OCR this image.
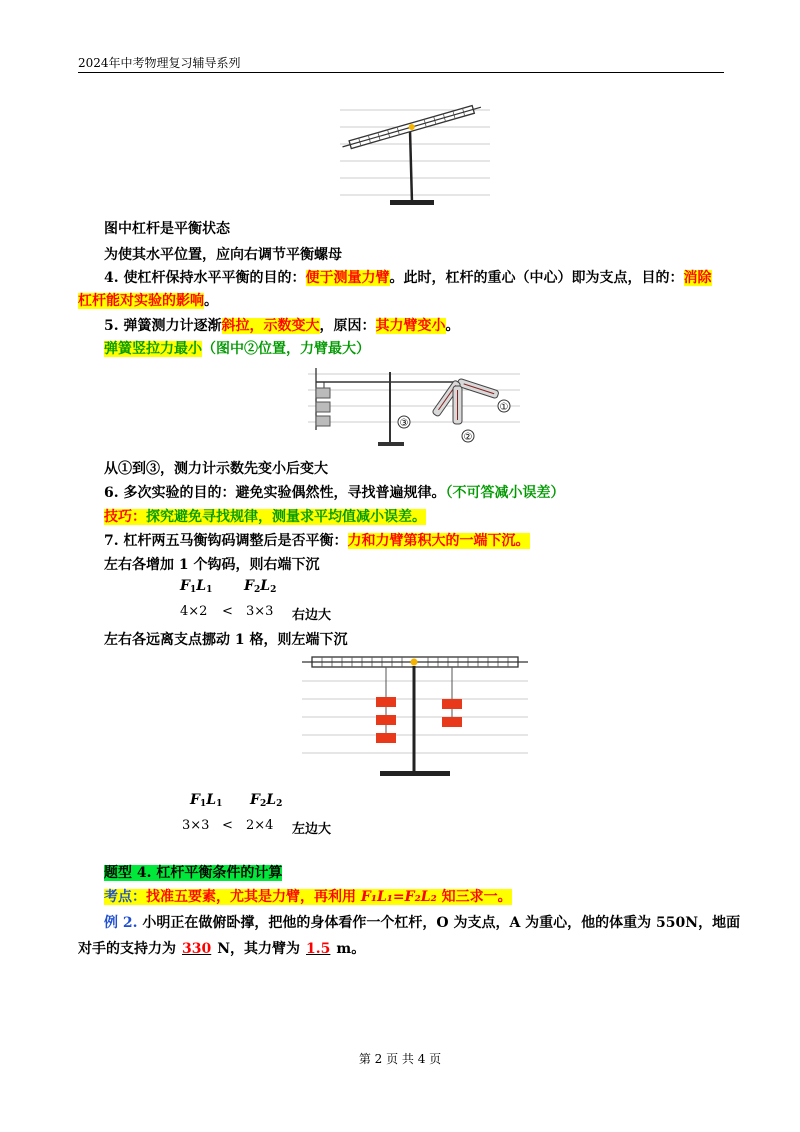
2024年中考物理复习辅导系列
图中杠杆是平衡状态
为使其水平位置，应向右调节平衡螺母
4. 使杠杆保持水平平衡的目的：便于测量力臂。此时，杠杆的重心（中心）即为支点，目的：消除
杠杆能对实验的影响。
5. 弹簧测力计逐渐斜拉，示数变大，原因：其力臂变小。
弹簧竖拉力最小（图中②位置，力臂最大）
①
②
③
从①到③，测力计示数先变小后变大
6. 多次实验的目的：避免实验偶然性，寻找普遍规律。（不可答减小误差）
技巧：探究避免寻找规律，测量求平均值减小误差。
7. 杠杆两五马衡钩码调整后是否平衡：力和力臂第积大的一端下沉。
左右各增加 1 个钩码，则右端下沉
$F_1L_1$ $F_2L_2$
4×2 < 3×3 右边大
左右各远离支点挪动 1 格，则左端下沉
$F_1L_1$ $F_2L_2$
3×3 < 2×4 左边大
题型 4. 杠杆平衡条件的计算
考点：找准五要素，尤其是力臂，再利用 F₁L₁=F₂L₂ 知三求一。
例 2. 小明正在做俯卧撑，把他的身体看作一个杠杆，O 为支点，A 为重心，他的体重为 550N，地面
对手的支持力为 330 N，其力臂为 1.5 m。
第 2 页 共 4 页
